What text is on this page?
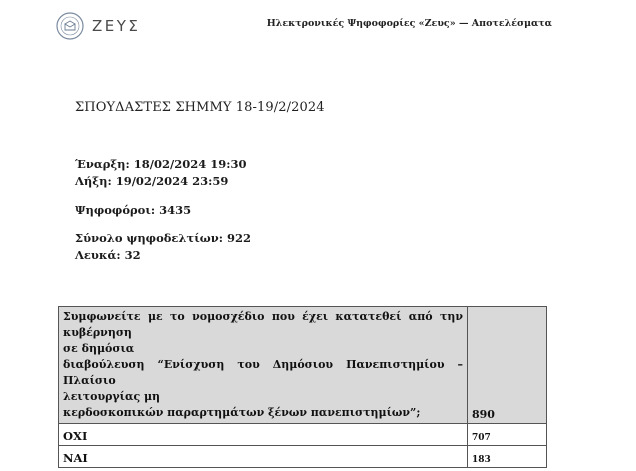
ΖΕΥΣ	Ηλεκτρονικές Ψηφοφορίες «Ζευς» — Αποτελέσματα
ΣΠΟΥΔΑΣΤΕΣ ΣΗΜΜΥ 18-19/2/2024
Έναρξη: 18/02/2024 19:30
Λήξη: 19/02/2024 23:59
Ψηφοφόροι: 3435
Σύνολο ψηφοδελτίων: 922
Λευκά: 32
Συμφωνείτε με το νομοσχέδιο που έχει κατατεθεί από την κυβέρνηση
σε δημόσια
διαβούλευση “Ενίσχυση του Δημόσιου Πανεπιστημίου – Πλαίσιο
λειτουργίας μη
κερδοσκοπικών παραρτημάτων ξένων πανεπιστημίων”;	890
ΟΧΙ	707
ΝΑΙ	183
